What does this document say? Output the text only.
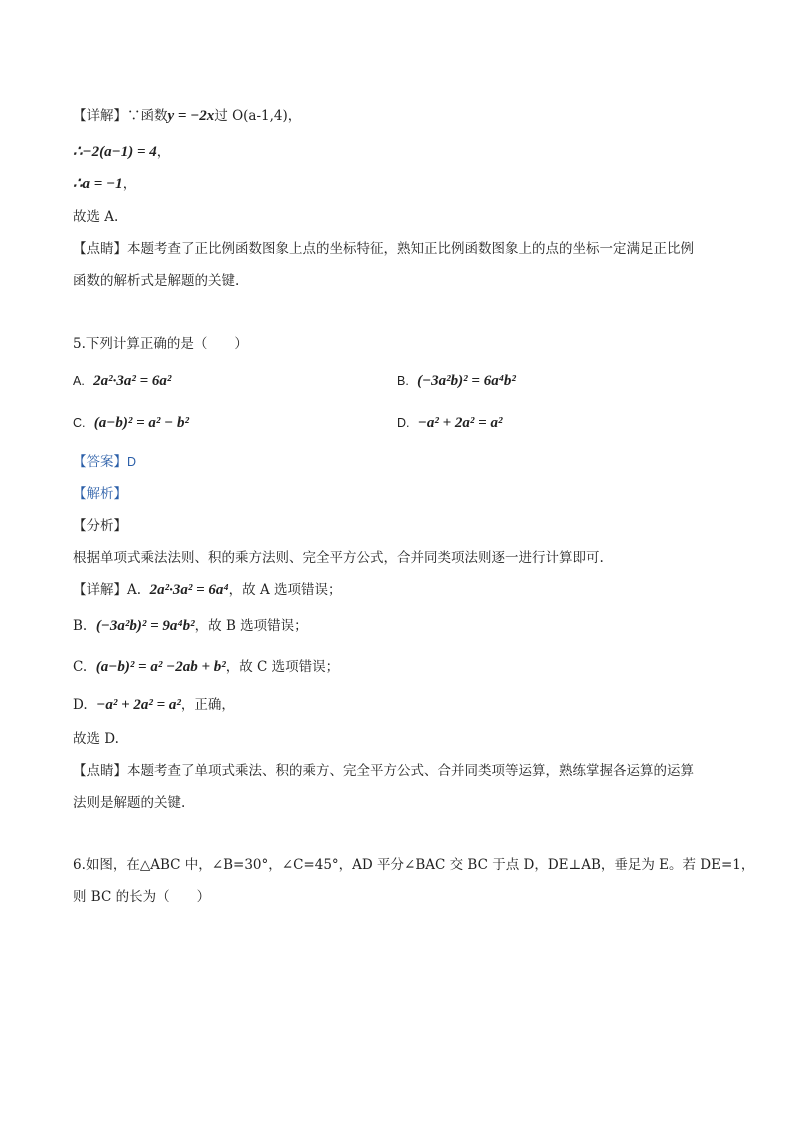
【详解】∵函数y = −2x过 O(a-1,4)，
∴−2(a−1) = 4，
∴a = −1，
故选 A.
【点睛】本题考查了正比例函数图象上点的坐标特征，熟知正比例函数图象上的点的坐标一定满足正比例
函数的解析式是解题的关键.
5.下列计算正确的是（　　）
A. 2a²·3a² = 6a²	B. (−3a²b)² = 6a⁴b²
C. (a−b)² = a² − b²	D. −a² + 2a² = a²
【答案】D
【解析】
【分析】
根据单项式乘法法则、积的乘方法则、完全平方公式，合并同类项法则逐一进行计算即可.
【详解】A. 2a²·3a² = 6a⁴，故 A 选项错误；
B. (−3a²b)² = 9a⁴b²，故 B 选项错误；
C. (a−b)² = a² −2ab + b²，故 C 选项错误；
D. −a² + 2a² = a²，正确，
故选 D.
【点睛】本题考查了单项式乘法、积的乘方、完全平方公式、合并同类项等运算，熟练掌握各运算的运算
法则是解题的关键.
6.如图，在△ABC 中，∠B=30°，∠C=45°，AD 平分∠BAC 交 BC 于点 D，DE⊥AB，垂足为 E。若 DE=1，
则 BC 的长为（　　）
